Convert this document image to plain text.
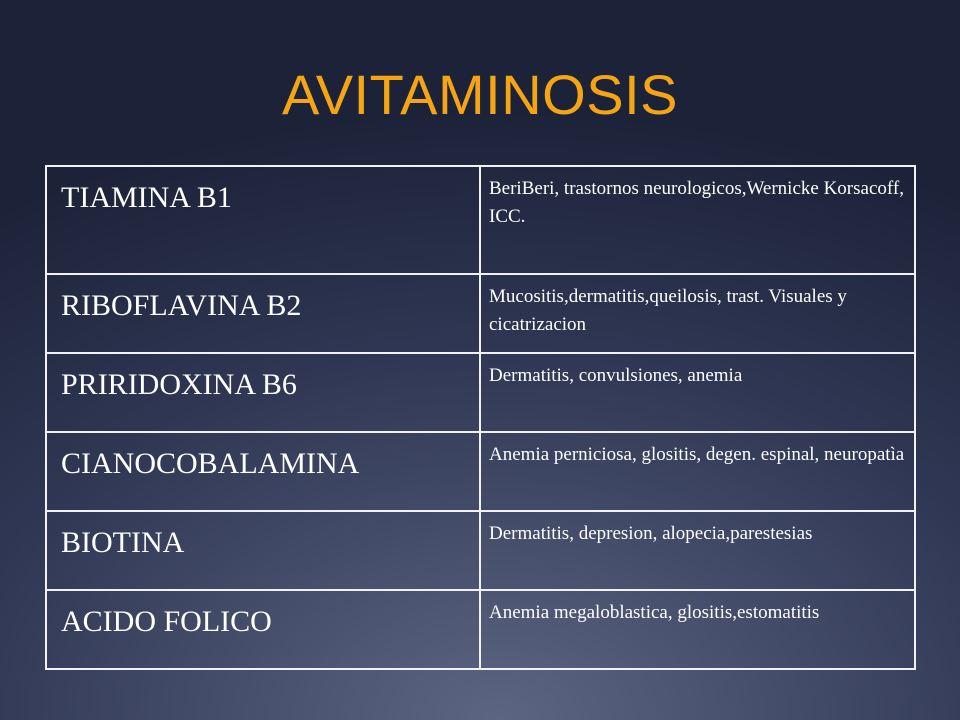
AVITAMINOSIS
TIAMINA B1	BeriBeri, trastornos neurologicos,Wernicke Korsacoff, ICC.
RIBOFLAVINA B2	Mucositis,dermatitis,queilosis, trast. Visuales y cicatrizacion
PRIRIDOXINA B6	Dermatitis, convulsiones, anemia
CIANOCOBALAMINA	Anemia perniciosa, glositis, degen. espinal, neuropatìa
BIOTINA	Dermatitis, depresion, alopecia,parestesias
ACIDO FOLICO	Anemia megaloblastica, glositis,estomatitis
